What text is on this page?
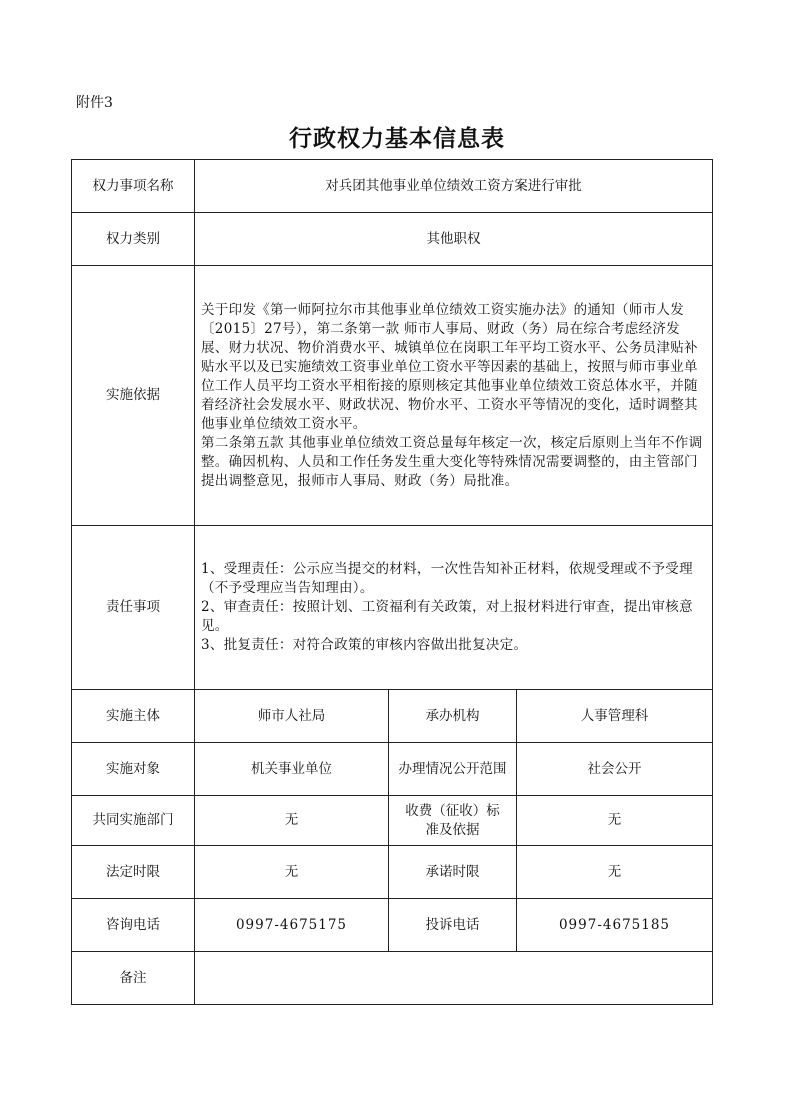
附件3
行政权力基本信息表
权力事项名称	对兵团其他事业单位绩效工资方案进行审批		
权力类别	其他职权		
实施依据	关于印发《第一师阿拉尔市其他事业单位绩效工资实施办法》的通知（师市人发〔2015〕27号），第二条第一款 师市人事局、财政（务）局在综合考虑经济发展、财力状况、物价消费水平、城镇单位在岗职工年平均工资水平、公务员津贴补贴水平以及已实施绩效工资事业单位工资水平等因素的基础上，按照与师市事业单位工作人员平均工资水平相衔接的原则核定其他事业单位绩效工资总体水平，并随着经济社会发展水平、财政状况、物价水平、工资水平等情况的变化，适时调整其他事业单位绩效工资水平。
第二条第五款 其他事业单位绩效工资总量每年核定一次，核定后原则上当年不作调整。确因机构、人员和工作任务发生重大变化等特殊情况需要调整的，由主管部门提出调整意见，报师市人事局、财政（务）局批准。		

责任事项	1、受理责任：公示应当提交的材料，一次性告知补正材料，依规受理或不予受理（不予受理应当告知理由）。
2、审查责任：按照计划、工资福利有关政策，对上报材料进行审查，提出审核意见。
3、批复责任：对符合政策的审核内容做出批复决定。		

实施主体	师市人社局	承办机构	人事管理科
实施对象	机关事业单位	办理情况公开范围	社会公开
共同实施部门	无	收费（征收）标准及依据	无
法定时限	无	承诺时限	无
咨询电话	0997-4675175	投诉电话	0997-4675185
备注			
